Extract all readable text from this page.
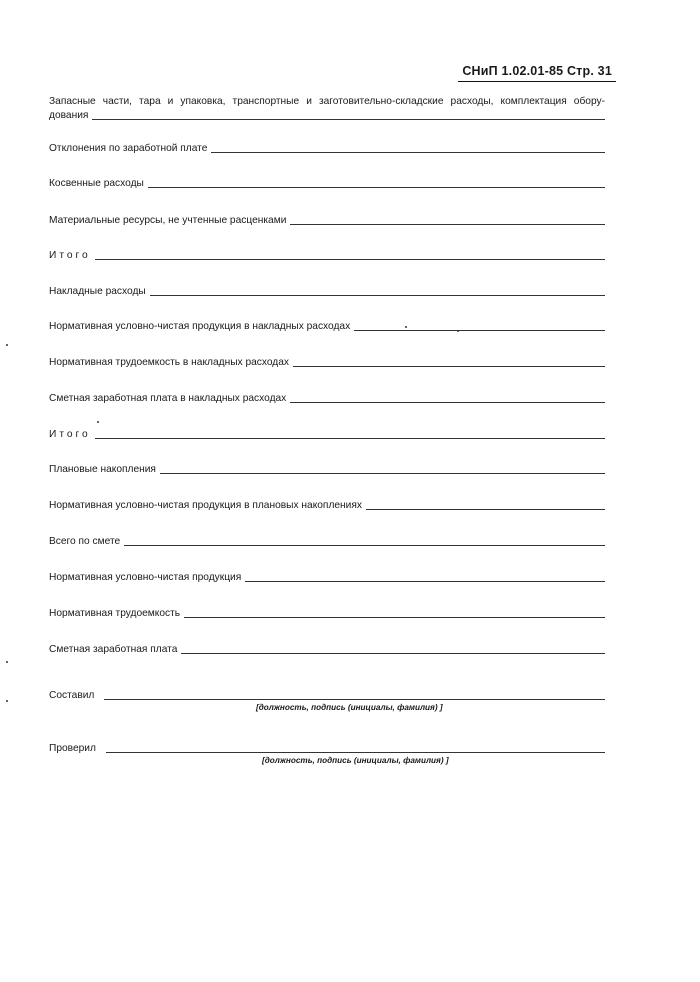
СНиП 1.02.01-85 Стр. 31
Запасные части, тара и упаковка, транспортные и заготовительно-складские расходы, комплектация обору-
дования
Отклонения по заработной плате
Косвенные расходы
Материальные ресурсы, не учтенные расценками
Итого
Накладные расходы
Нормативная условно-чистая продукция в накладных расходах
Нормативная трудоемкость в накладных расходах
Сметная заработная плата в накладных расходах
Итого
Плановые накопления
Нормативная условно-чистая продукция в плановых накоплениях
Всего по смете
Нормативная условно-чистая продукция
Нормативная трудоемкость
Сметная заработная плата
Составил
[должность, подпись (инициалы, фамилия) ]
Проверил
[должность, подпись (инициалы, фамилия) ]
